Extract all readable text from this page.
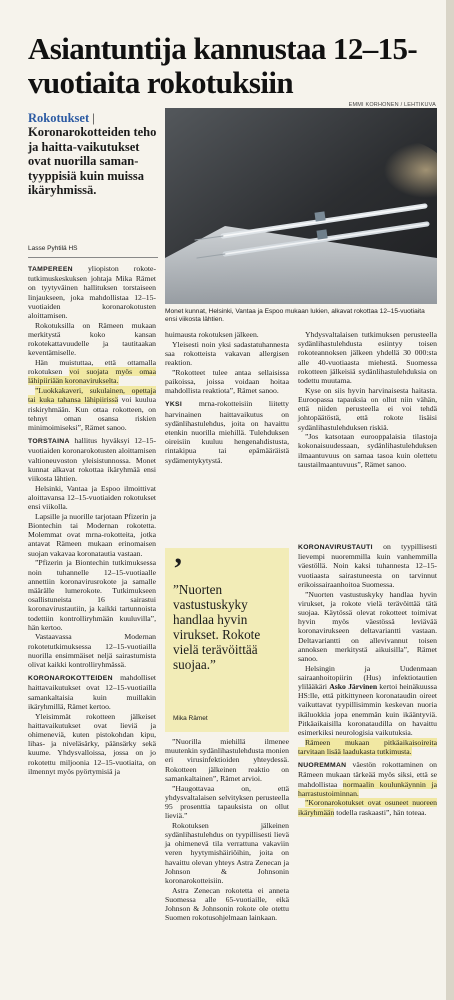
Asiantuntija kannustaa 12–15-vuotiaita rokotuksiin
EMMI KORHONEN / LEHTIKUVA
Rokotukset | Koronarokotteiden teho ja haitta-vaikutukset ovat nuorilla saman-tyyppisiä kuin muissa ikäryhmissä.
Lasse Pyhtilä HS
Monet kunnat, Helsinki, Vantaa ja Espoo mukaan lukien, alkavat rokottaa 12–15-vuotiaita ensi viikosta lähtien.

TAMPEREEN yliopiston rokote-tutkimuskeskuksen johtaja Mika Rämet on tyytyväinen hallituksen torstaiseen linjaukseen, joka mahdollistaa 12–15-vuotiaiden koronarokotusten aloittamisen.

Rokotuksilla on Rämeen mukaan merkitystä koko kansan rokotekattavuudelle ja tautitaakan keventämiselle.

Hän muistuttaa, että ottamalla rokotuksen voi suojata myös omaa lähipiiriään koronavirukselta.

”Luokkakaveri, sukulainen, opettaja tai kuka tahansa lähipiirissä voi kuulua riskiryhmään. Kun ottaa rokotteen, on tehnyt oman osansa riskien minimoimiseksi”, Rämet sanoo.

TORSTAINA hallitus hyväksyi 12–15-vuotiaiden koronarokotusten aloittamisen valtioneuvoston yleisistunnossa. Monet kunnat alkavat rokottaa ikäryhmää ensi viikosta lähtien.

Helsinki, Vantaa ja Espoo ilmoittivat aloittavansa 12–15-vuotiaiden rokotukset ensi viikolla.

Lapsille ja nuorille tarjotaan Pfizerin ja Biontechin tai Modernan rokotetta. Molemmat ovat mrna-rokotteita, jotka antavat Rämeen mukaan erinomaisen suojan vakavaa koronatautia vastaan.

”Pfizerin ja Biontechin tutkimuksessa noin tuhannelle 12–15-vuotiaalle annettiin koronavirusrokote ja samalle määrälle lumerokote. Tutkimukseen osallistuneista 16 sairastui koronavirustautiin, ja kaikki tartunnoista todettiin kontrolliryhmään kuuluvilla”, hän kertoo.

Vastaavassa Modernan rokotetutkimuksessa 12–15-vuotiailla nuorilla ensimmäiset neljä sairastumista olivat kaikki kontrolliryhmässä.

KORONAROKOTTEIDEN mahdolliset haittavaikutukset ovat 12–15-vuotiailla samankaltaisia kuin muillakin ikäryhmillä, Rämet kertoo.

Yleisimmät rokotteen jälkeiset haittavaikutukset ovat lieviä ja ohimeneviä, kuten pistokohdan kipu, lihas- ja niveläsärky, päänsärky sekä kuume. Yhdysvalloissa, jossa on jo rokotettu miljoonia 12–15-vuotiaita, on ilmennyt myös pyörtymisiä ja

huimausta rokotuksen jälkeen.

Yleisesti noin yksi sadastatuhannesta saa rokotteista vakavan allergisen reaktion.

”Rokotteet tulee antaa sellaisissa paikoissa, joissa voidaan hoitaa mahdollista reaktiota”, Rämet sanoo.

YKSI mrna-rokotteisiin liitetty harvinainen haittavaikutus on sydänlihastulehdus, joita on havaittu etenkin nuorilla miehillä. Tulehduksen oireisiin kuuluu hengenahdistusta, rintakipua tai epämääräistä sydämentykytystä.

’
”Nuorten vastustuskyky handlaa hyvin virukset. Rokote vielä terävöittää suojaa.”
Mika Rämet

”Nuorilla miehillä ilmenee muutenkin sydänlihastulehdusta monien eri virusinfektioiden yhteydessä. Rokotteen jälkeinen reaktio on samankaltainen”, Rämet arvioi.

”Haugottavaa on, että yhdysvaltalaisen selvityksen perusteella 95 prosenttia tapauksista on ollut lieviä.”

Rokotuksen jälkeinen sydänlihastulehdus on tyypillisesti lievä ja ohimenevä tila verrattuna vakaviin veren hyytymishäiriöihin, joita on havaittu olevan yhteys Astra Zenecan ja Johnson & Johnsonin koronarokotteisiin.

Astra Zenecan rokotetta ei anneta Suomessa alle 65-vuotiaille, eikä Johnson & Johnsonin rokote ole otettu Suomen rokotusohjelmaan lainkaan.

Yhdysvaltalaisen tutkimuksen perusteella sydänlihastulehdusta esiintyy toisen rokoteannoksen jälkeen yhdellä 30 000:sta alle 40-vuotiaasta miehestä. Suomessa rokotteen jälkeisiä sydänlihastulehduksia on todettu muutama.

Kyse on siis hyvin harvinaisesta haitasta. Euroopassa tapauksia on ollut niin vähän, että niiden perusteella ei voi tehdä johtopäätöstä, että rokote lisäisi sydänlihastulehduksen riskiä.

”Jos katsotaan eurooppalaisia tilastoja kokonaisuudessaan, sydänlihastulehduksen ilmaantuvuus on samaa tasoa kuin olettetu taustailmaantuvuus”, Rämet sanoo.

KORONAVIRUSTAUTI on tyypillisesti lievempi nuoremmilla kuin vanhemmilla väestöllä. Noin kaksi tuhannesta 12–15-vuotiaasta sairastuneesta on tarvinnut erikoissairaanhoitoa Suomessa.

”Nuorten vastustuskyky handlaa hyvin virukset, ja rokote vielä terävöittää tätä suojaa. Käytössä olevat rokotteet toimivat hyvin myös väestössä leviävää koronavirukseen deltavariantti vastaan. Deltavariantti on allevivannut toisen annoksen merkitystä aikuisilla”, Rämet sanoo.

Helsingin ja Uudenmaan sairaanhoitopiirin (Hus) infektiotautien ylilääkäri Asko Järvinen kertoi heinäkuussa HS:lle, että pitkittyneen koronataudin oireet vaikuttavat tyypillisimmin keskevan nuoria ikäluokkia jopa enemmän kuin ikääntyviä. Pitkäaikaisilla koronataudilla on havaittu esimerkiksi neurologisia vaikutuksia.

Rämeen mukaan pitkäaikaisoireita tarvitaan lisää laadukasta tutkimusta.

NUOREMMAN väestön rokottaminen on Rämeen mukaan tärkeää myös siksi, että se mahdollistaa normaalin koulunkäynnin ja harrastustoiminnan.

”Koronarokotukset ovat osuneet nuoreen ikäryhmään todella raskaasti”, hän toteaa.
